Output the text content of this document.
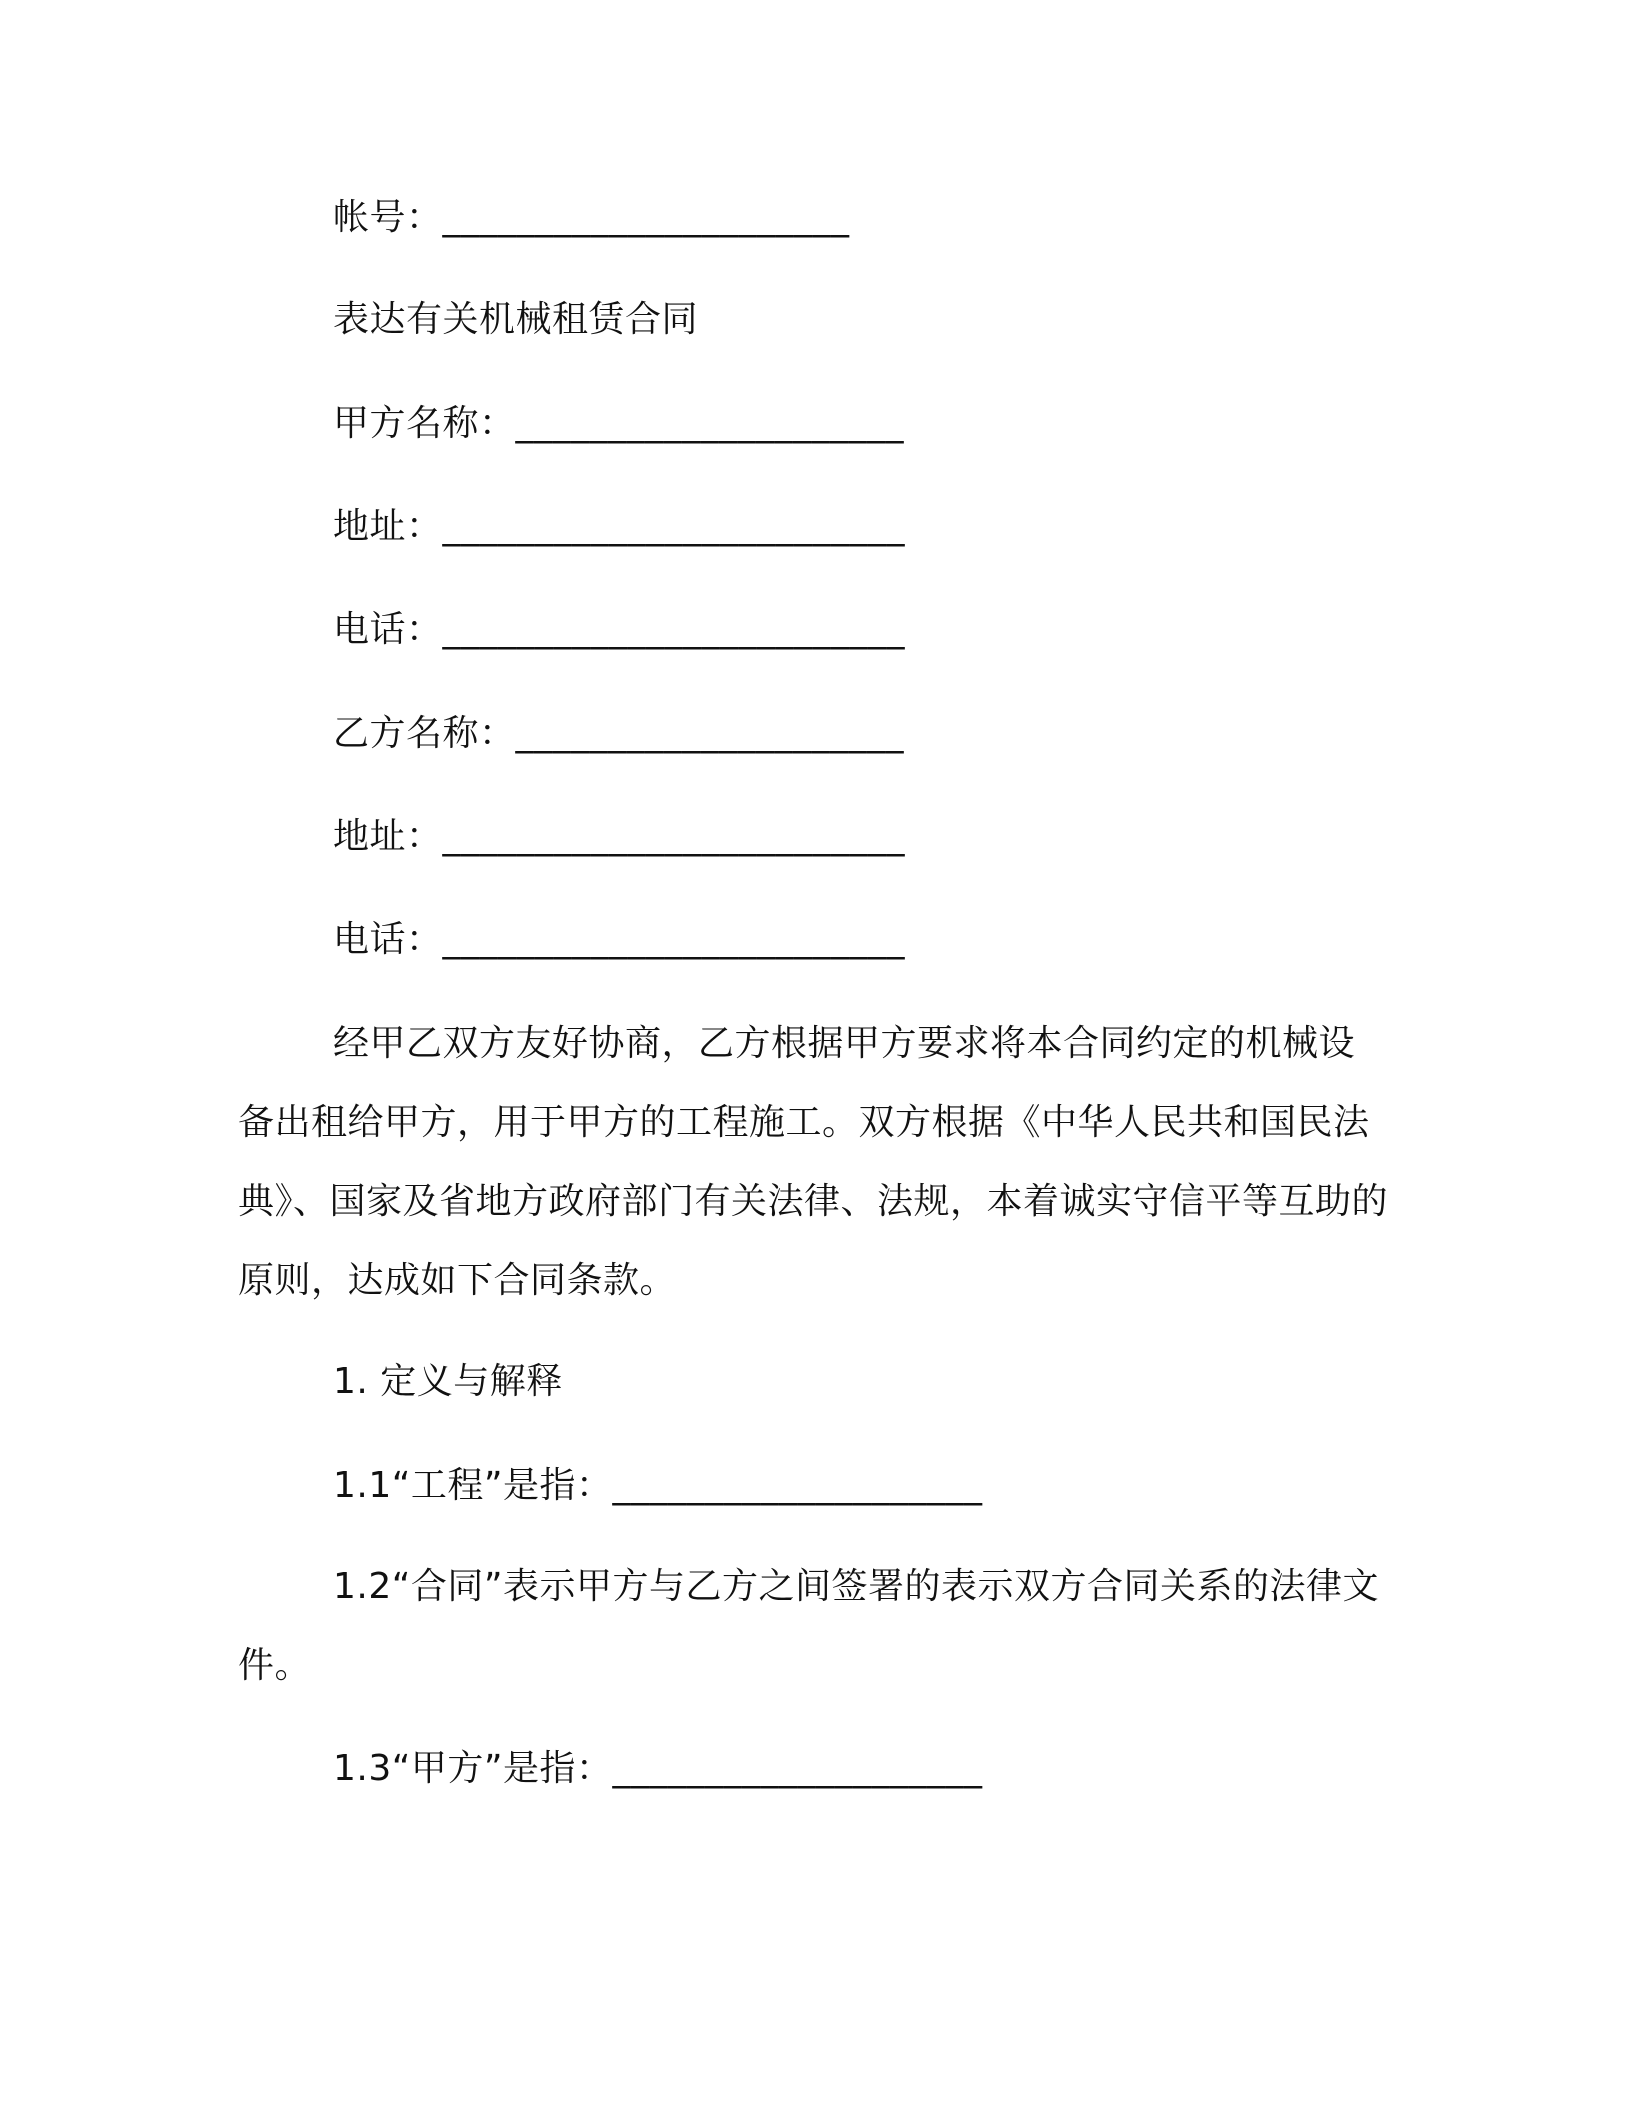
帐号：______________________
表达有关机械租赁合同
甲方名称：_____________________
地址：_________________________
电话：_________________________
乙方名称：_____________________
地址：_________________________
电话：_________________________
经甲乙双方友好协商，乙方根据甲方要求将本合同约定的机械设备出租给甲方，用于甲方的工程施工。双方根据《中华人民共和国民法典》、国家及省地方政府部门有关法律、法规，本着诚实守信平等互助的原则，达成如下合同条款。
1. 定义与解释
1.1“工程”是指：____________________
1.2“合同”表示甲方与乙方之间签署的表示双方合同关系的法律文件。
1.3“甲方”是指：____________________
